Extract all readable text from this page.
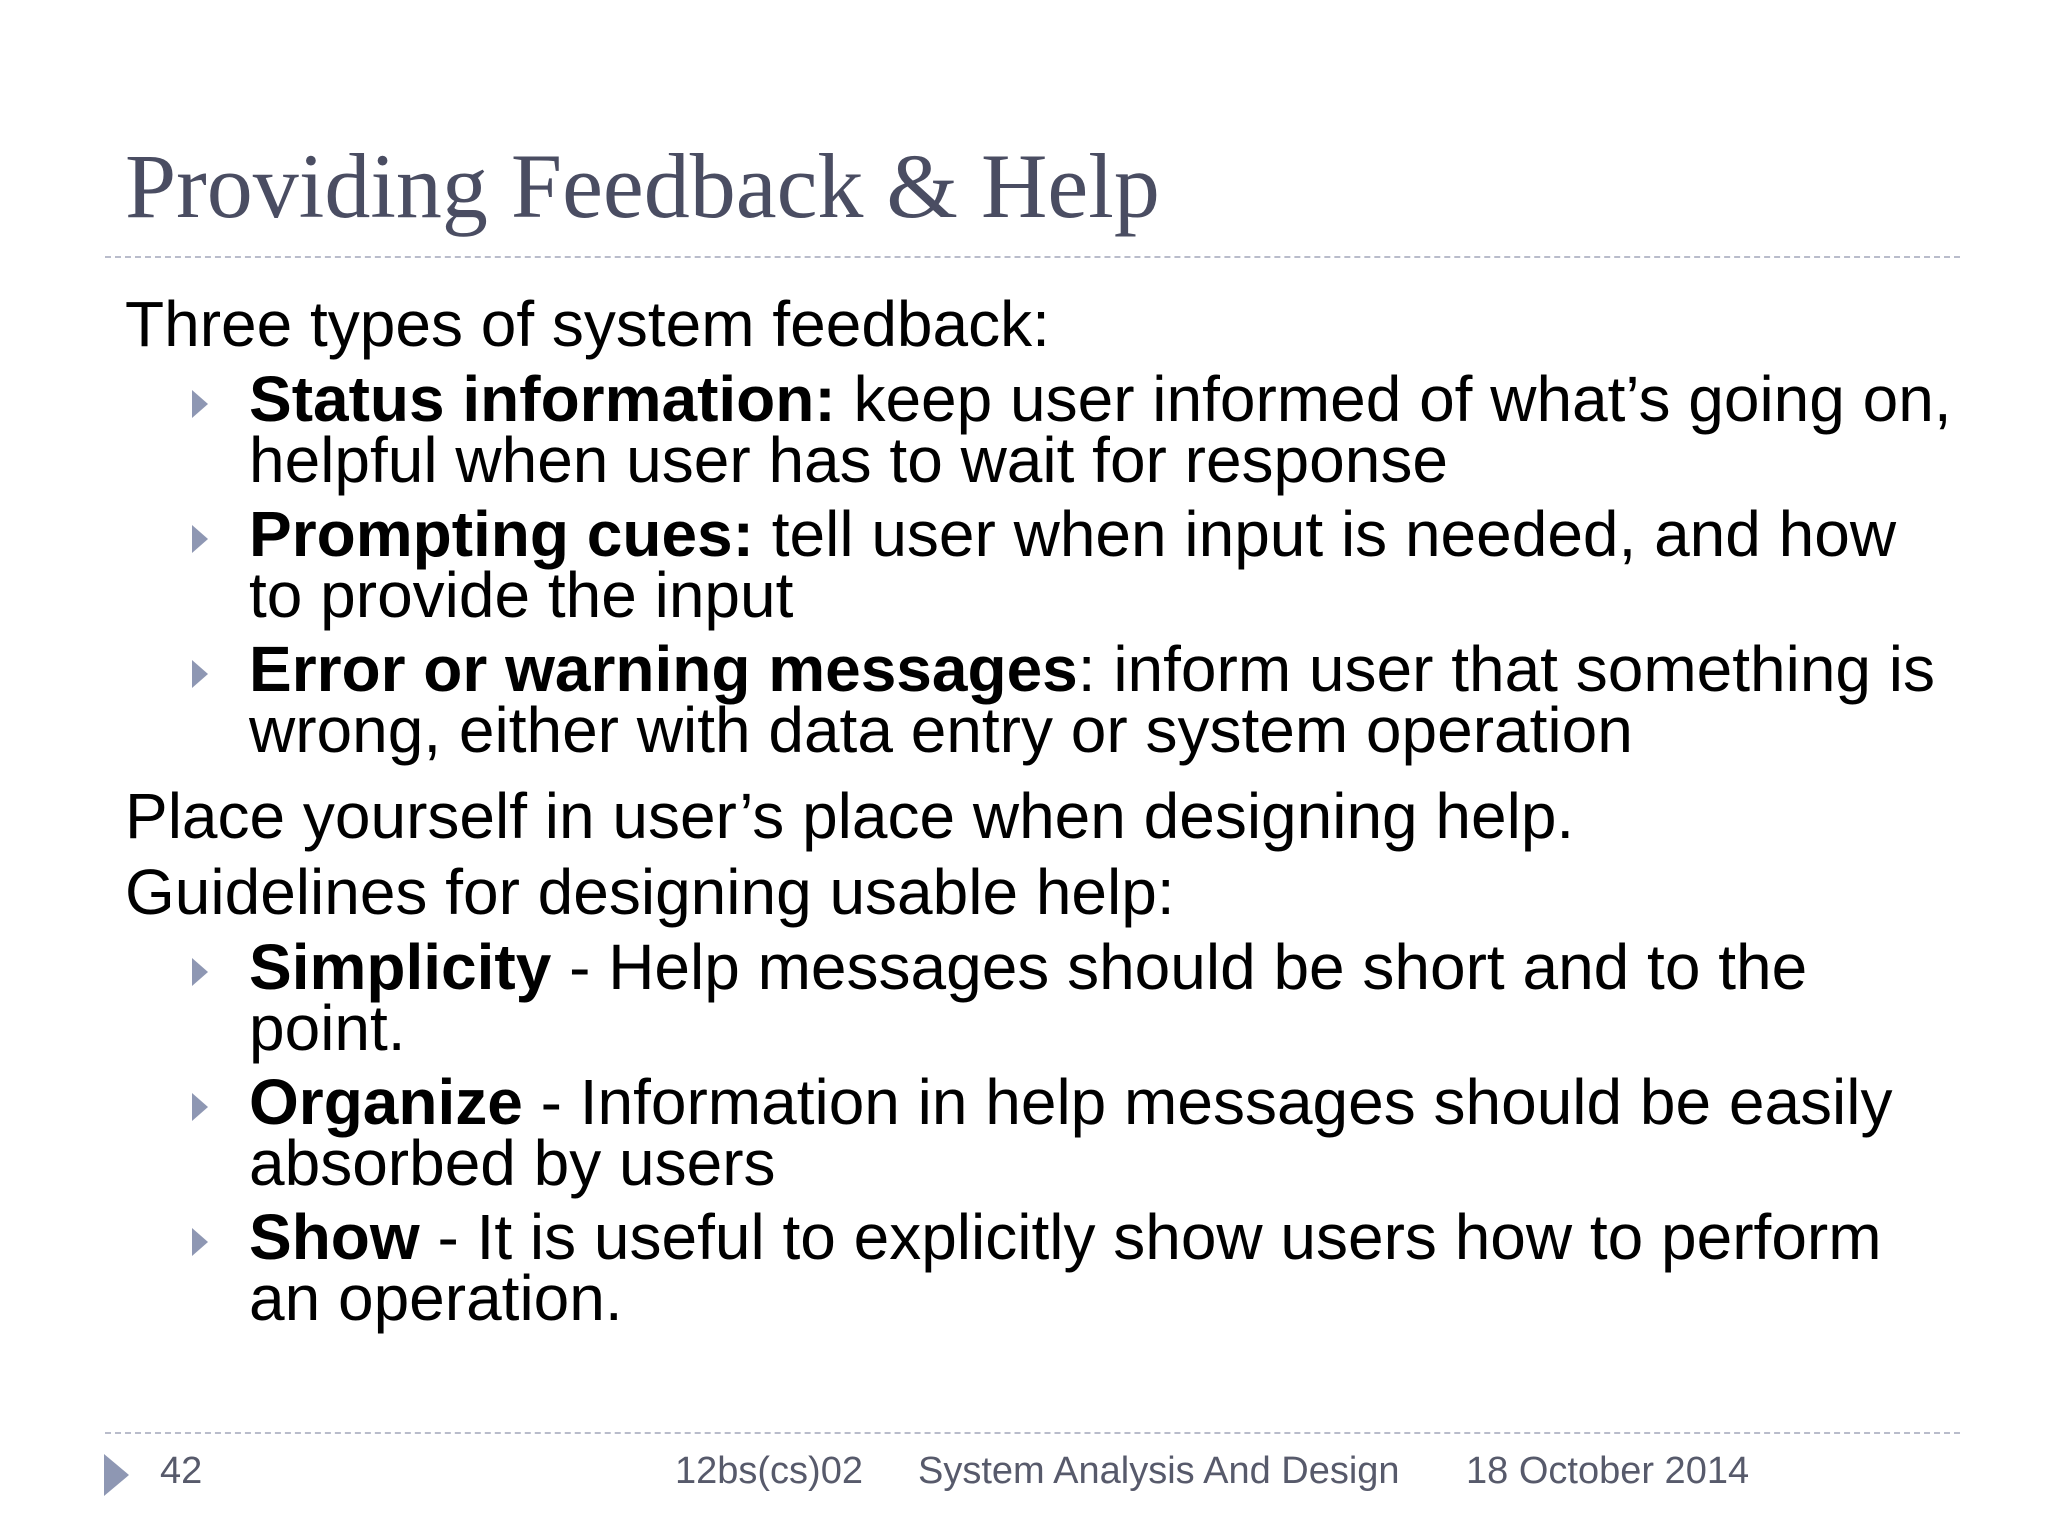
Providing Feedback & Help
Three types of system feedback:
Status information: keep user informed of what’s going on, helpful when user has to wait for response
Prompting cues: tell user when input is needed, and how to provide the input
Error or warning messages: inform user that something is wrong, either with data entry or system operation
Place yourself in user’s place when designing help.
Guidelines for designing usable help:
Simplicity - Help messages should be short and to the point.
Organize - Information in help messages should be easily absorbed by users
Show - It is useful to explicitly show users how to perform an operation.
42	12bs(cs)02 System Analysis And Design 18 October 2014
